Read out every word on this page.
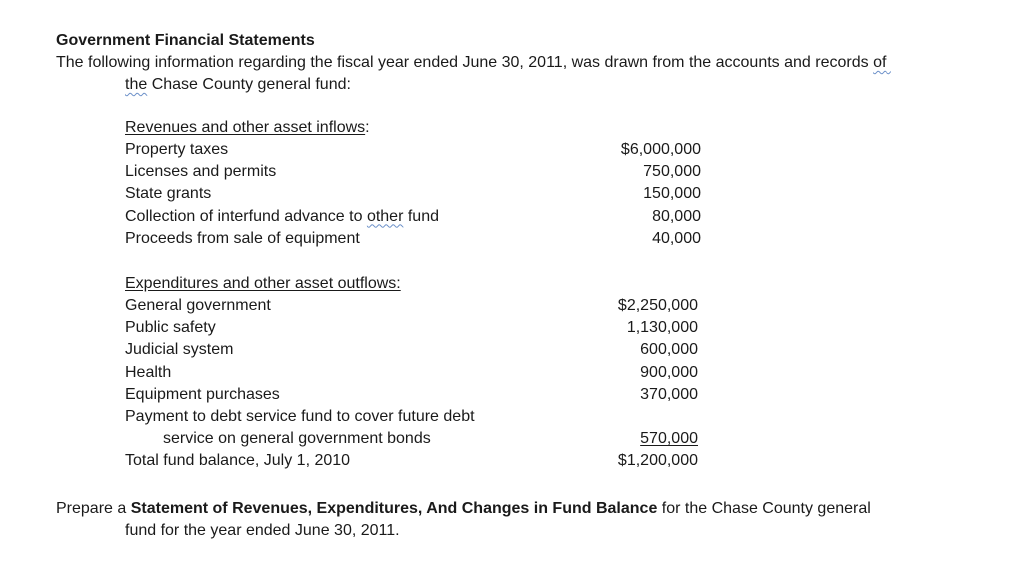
Government Financial Statements
The following information regarding the fiscal year ended June 30, 2011, was drawn from the accounts and records of
the Chase County general fund:
Revenues and other asset inflows:
Property taxes	$6,000,000
Licenses and permits	750,000
State grants	150,000
Collection of interfund advance to other fund	80,000
Proceeds from sale of equipment	40,000
Expenditures and other asset outflows:
General government	$2,250,000
Public safety	1,130,000
Judicial system	600,000
Health	900,000
Equipment purchases	370,000
Payment to debt service fund to cover future debt
service on general government bonds	570,000
Total fund balance, July 1, 2010	$1,200,000
Prepare a Statement of Revenues, Expenditures, And Changes in Fund Balance for the Chase County general
fund for the year ended June 30, 2011.
